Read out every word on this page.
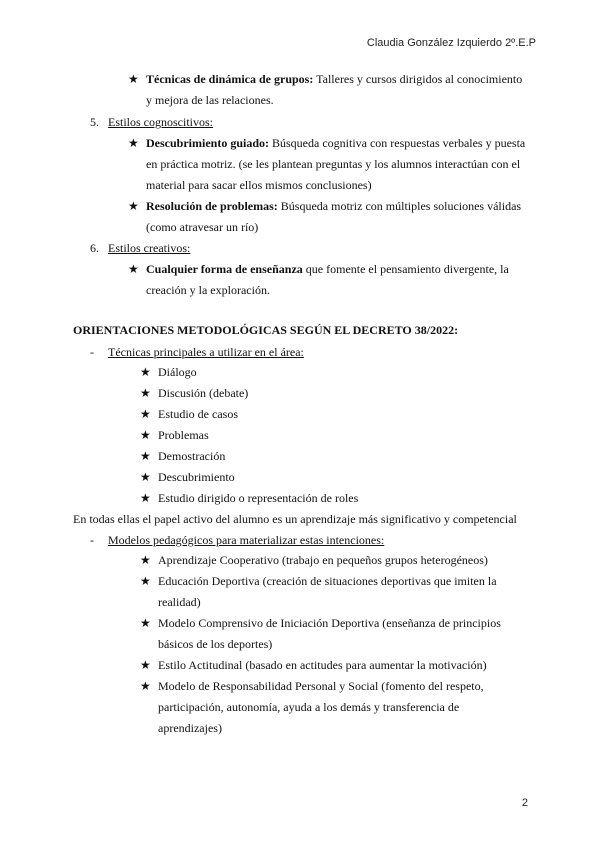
Claudia González Izquierdo 2º.E.P
★ Técnicas de dinámica de grupos: Talleres y cursos dirigidos al conocimiento
y mejora de las relaciones.
5. Estilos cognoscitivos:
★ Descubrimiento guiado: Búsqueda cognitiva con respuestas verbales y puesta
en práctica motriz. (se les plantean preguntas y los alumnos interactúan con el
material para sacar ellos mismos conclusiones)
★ Resolución de problemas: Búsqueda motriz con múltiples soluciones válidas
(como atravesar un río)
6. Estilos creativos:
★ Cualquier forma de enseñanza que fomente el pensamiento divergente, la
creación y la exploración.
ORIENTACIONES METODOLÓGICAS SEGÚN EL DECRETO 38/2022:
- Técnicas principales a utilizar en el área:
★ Diálogo
★ Discusión (debate)
★ Estudio de casos
★ Problemas
★ Demostración
★ Descubrimiento
★ Estudio dirigido o representación de roles
En todas ellas el papel activo del alumno es un aprendizaje más significativo y competencial
- Modelos pedagógicos para materializar estas intenciones:
★ Aprendizaje Cooperativo (trabajo en pequeños grupos heterogéneos)
★ Educación Deportiva (creación de situaciones deportivas que imiten la
realidad)
★ Modelo Comprensivo de Iniciación Deportiva (enseñanza de principios
básicos de los deportes)
★ Estilo Actitudinal (basado en actitudes para aumentar la motivación)
★ Modelo de Responsabilidad Personal y Social (fomento del respeto,
participación, autonomía, ayuda a los demás y transferencia de
aprendizajes)
2
